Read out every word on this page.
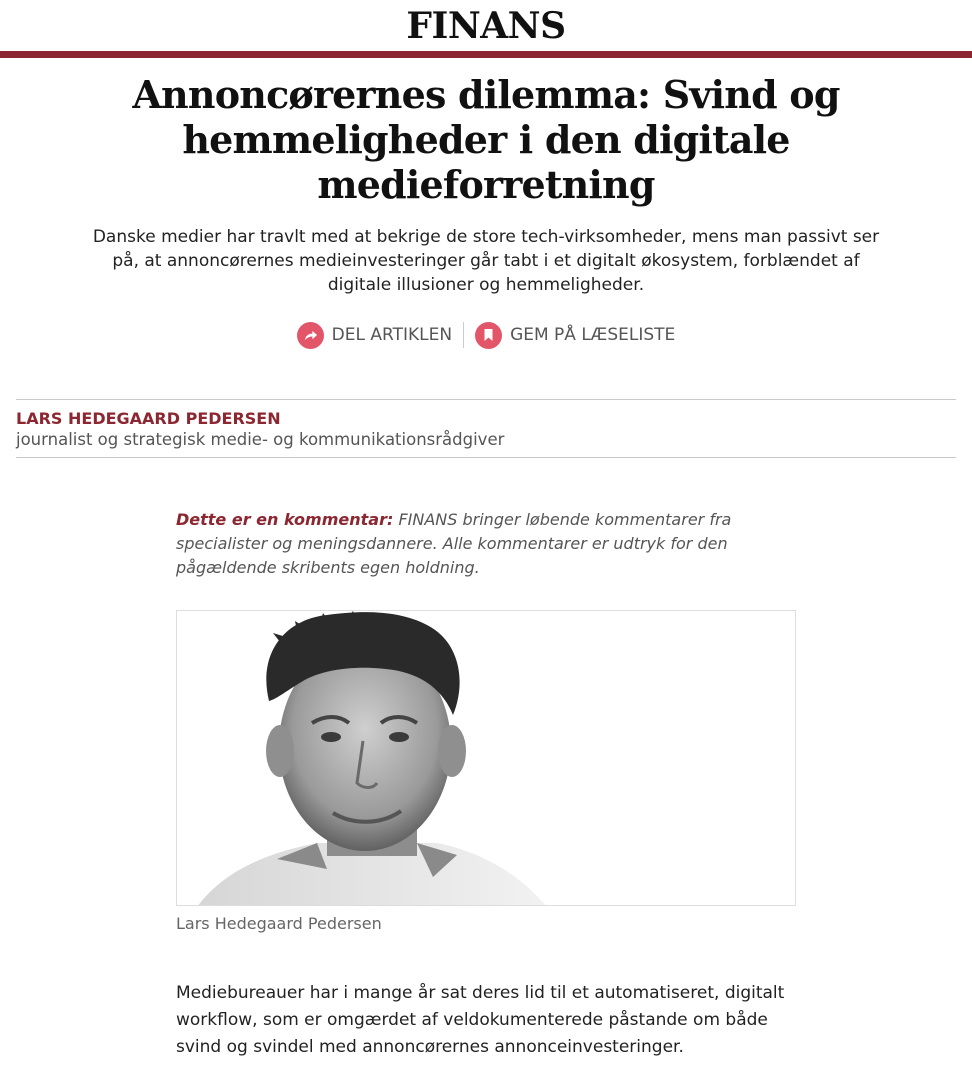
FINANS
Annoncørernes dilemma: Svind og hemmeligheder i den digitale medieforretning

Danske medier har travlt med at bekrige de store tech-virksomheder, mens man passivt ser på, at annoncørernes medieinvesteringer går tabt i et digitalt økosystem, forblændet af digitale illusioner og hemmeligheder.

DEL ARTIKLEN	GEM PÅ LÆSELISTE
LARS HEDEGAARD PEDERSEN
journalist og strategisk medie- og kommunikationsrådgiver

Dette er en kommentar: FINANS bringer løbende kommentarer fra specialister og meningsdannere. Alle kommentarer er udtryk for den pågældende skribents egen holdning.

Lars Hedegaard Pedersen

Mediebureauer har i mange år sat deres lid til et automatiseret, digitalt workflow, som er omgærdet af veldokumenterede påstande om både svind og svindel med annoncørernes annonceinvesteringer.
